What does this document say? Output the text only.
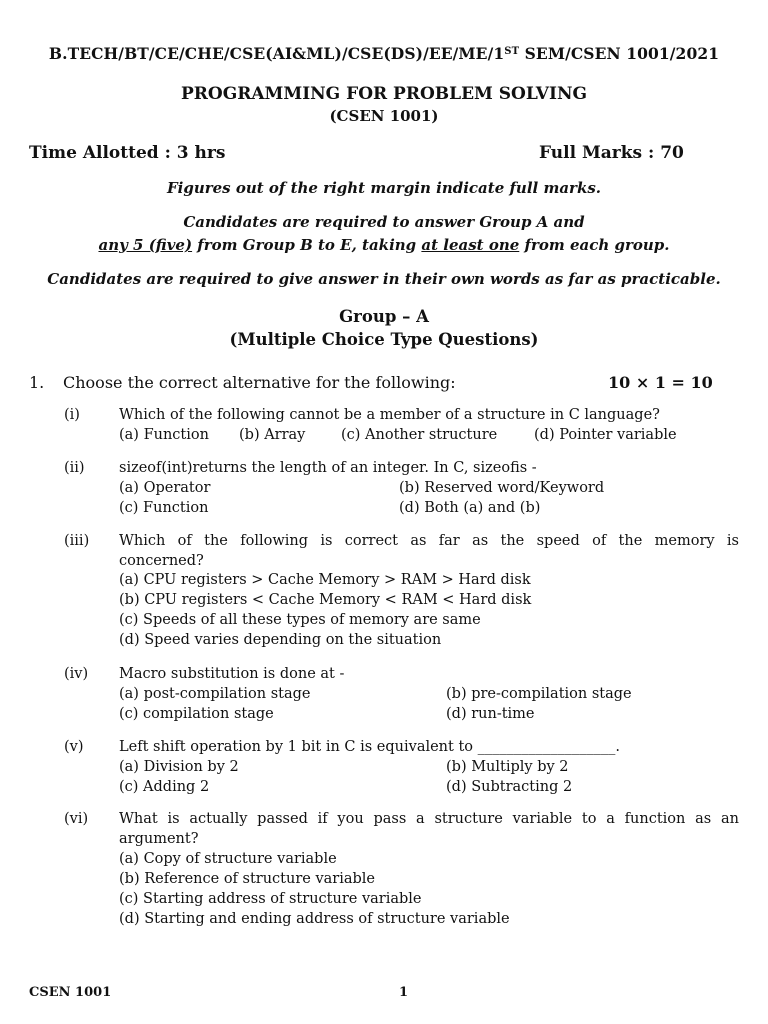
B.TECH/BT/CE/CHE/CSE(AI&ML)/CSE(DS)/EE/ME/1ST SEM/CSEN 1001/2021
PROGRAMMING FOR PROBLEM SOLVING
(CSEN 1001)
Time Allotted : 3 hrs	Full Marks : 70
Figures out of the right margin indicate full marks.
Candidates are required to answer Group A and
any 5 (five) from Group B to E, taking at least one from each group.
Candidates are required to give answer in their own words as far as practicable.
Group – A
(Multiple Choice Type Questions)
1. Choose the correct alternative for the following:	10 × 1 = 10
(i)	Which of the following cannot be a member of a structure in C language?
(a) Function (b) Array (c) Another structure	(d) Pointer variable
(ii) sizeof(int)returns the length of an integer. In C, sizeofis -
(a) Operator	(b) Reserved word/Keyword
(c) Function	(d) Both (a) and (b)
(iii) Which of the following is correct as far as the speed of the memory is
concerned?
(a) CPU registers > Cache Memory > RAM > Hard disk
(b) CPU registers < Cache Memory < RAM < Hard disk
(c) Speeds of all these types of memory are same
(d) Speed varies depending on the situation
(iv) Macro substitution is done at -
(a) post-compilation stage	(b) pre-compilation stage
(c) compilation stage	(d) run-time
(v) Left shift operation by 1 bit in C is equivalent to ___________________.
(a) Division by 2	(b) Multiply by 2
(c) Adding 2	(d) Subtracting 2
(vi) What is actually passed if you pass a structure variable to a function as an
argument?
(a) Copy of structure variable
(b) Reference of structure variable
(c) Starting address of structure variable
(d) Starting and ending address of structure variable
CSEN 1001	1
